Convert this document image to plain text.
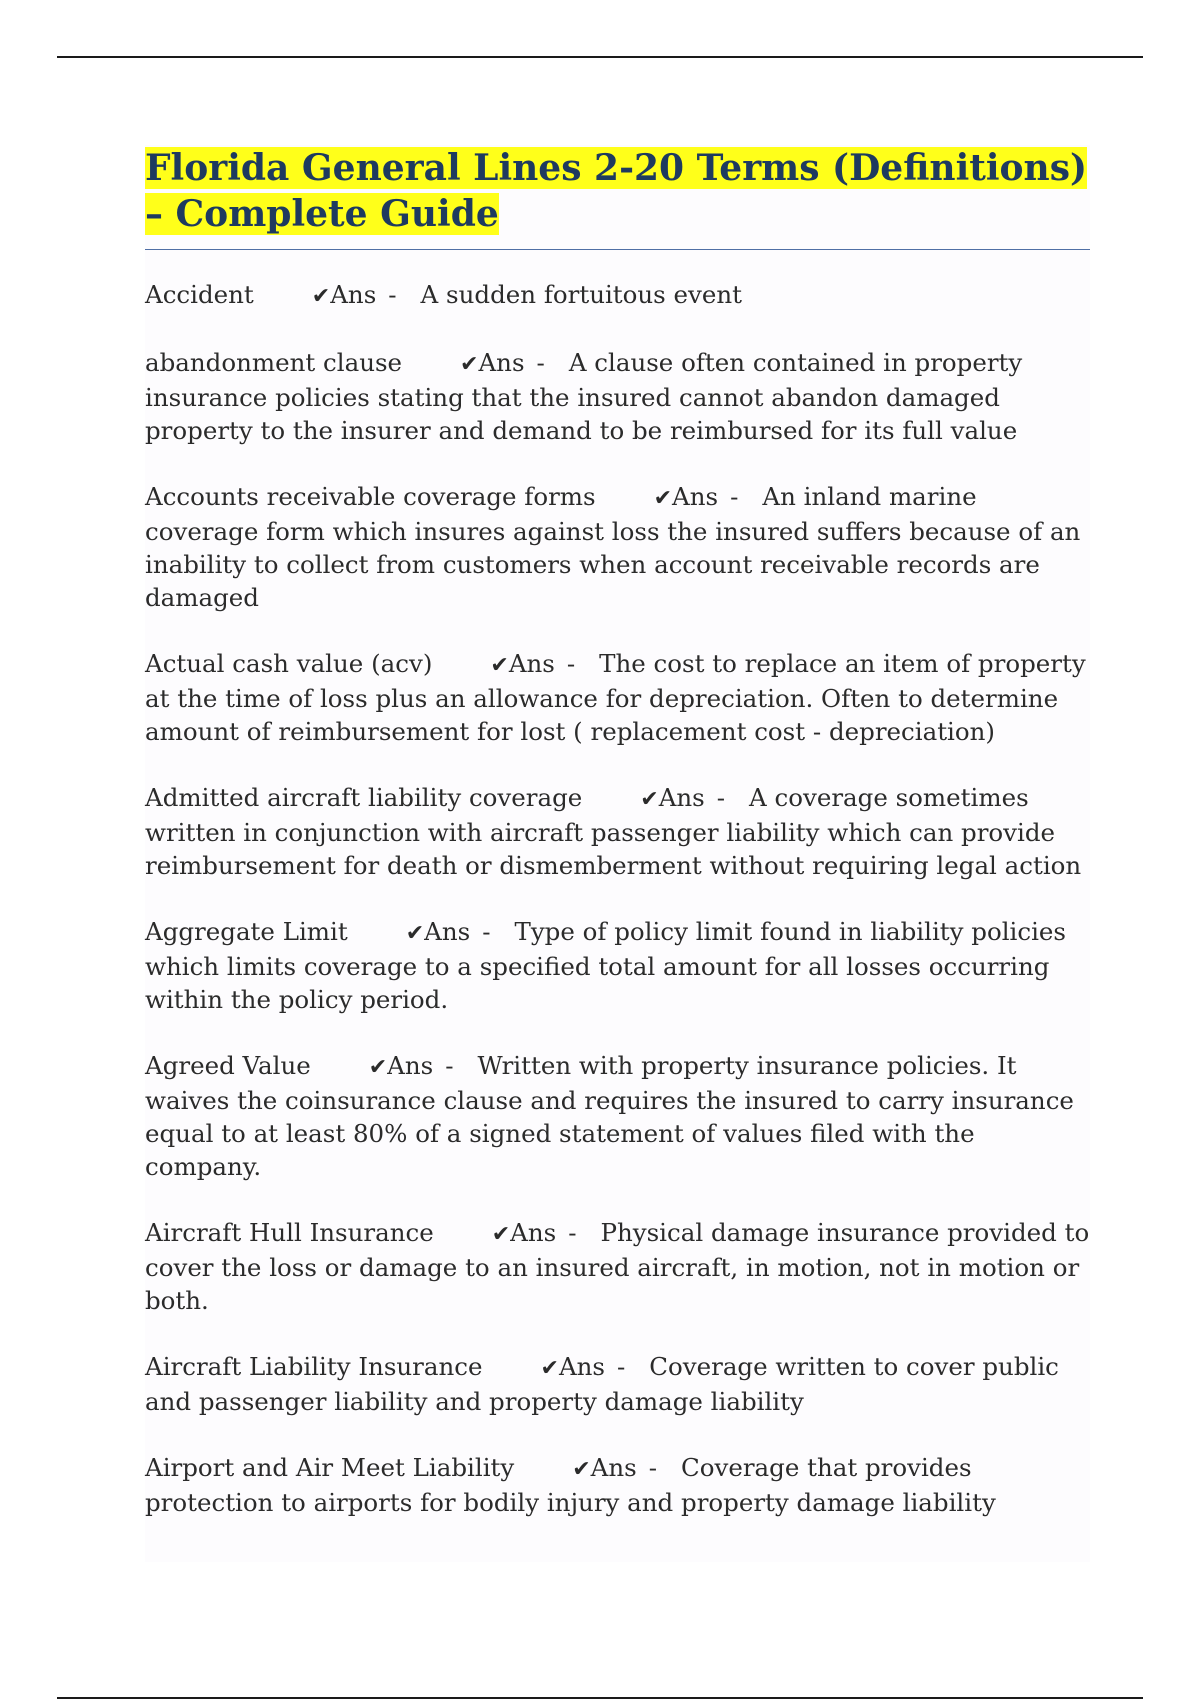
Florida General Lines 2-20 Terms (Definitions) – Complete Guide

Accident	✔Ans - A sudden fortuitous event

abandonment clause	✔Ans - A clause often contained in property insurance policies stating that the insured cannot abandon damaged property to the insurer and demand to be reimbursed for its full value

Accounts receivable coverage forms	✔Ans - An inland marine coverage form which insures against loss the insured suffers because of an inability to collect from customers when account receivable records are damaged

Actual cash value (acv)	✔Ans - The cost to replace an item of property at the time of loss plus an allowance for depreciation. Often to determine amount of reimbursement for lost ( replacement cost - depreciation)

Admitted aircraft liability coverage	✔Ans - A coverage sometimes written in conjunction with aircraft passenger liability which can provide reimbursement for death or dismemberment without requiring legal action

Aggregate Limit	✔Ans - Type of policy limit found in liability policies which limits coverage to a specified total amount for all losses occurring within the policy period.

Agreed Value	✔Ans - Written with property insurance policies. It waives the coinsurance clause and requires the insured to carry insurance equal to at least 80% of a signed statement of values filed with the company.

Aircraft Hull Insurance	✔Ans - Physical damage insurance provided to cover the loss or damage to an insured aircraft, in motion, not in motion or both.

Aircraft Liability Insurance	✔Ans - Coverage written to cover public and passenger liability and property damage liability

Airport and Air Meet Liability	✔Ans - Coverage that provides protection to airports for bodily injury and property damage liability
